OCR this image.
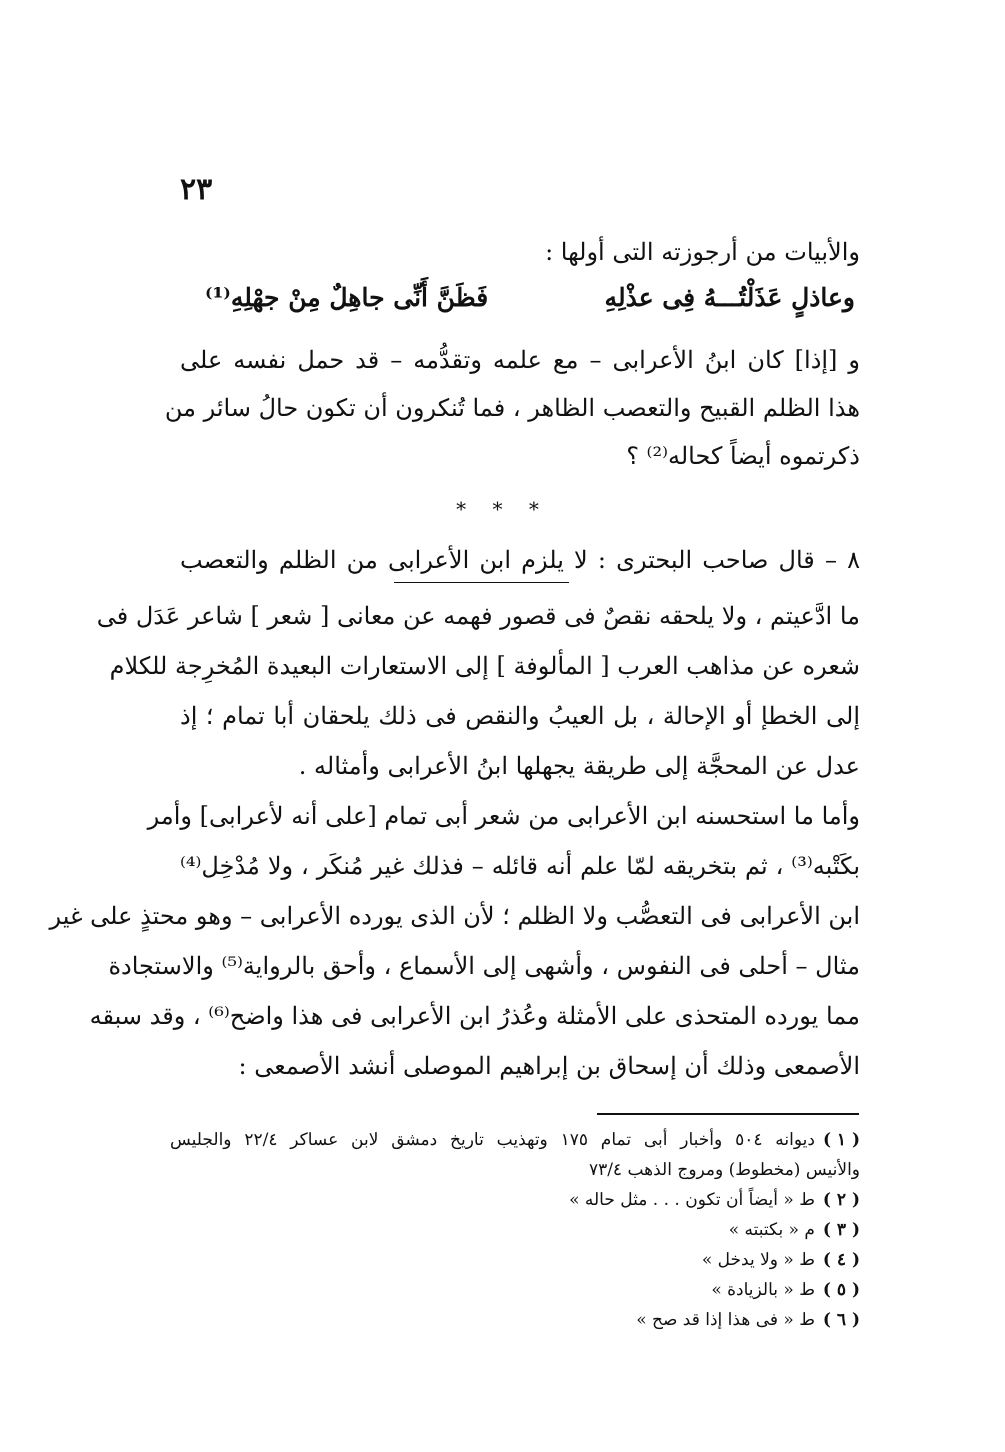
٢٣
والأبيات من أرجوزته التى أولها :
وعاذلٍ عَذَلْتُـــهُ فِى عذْلِهِ
فَظَنَّ أَنِّى جاهِلٌ مِنْ جهْلِهِ⁽¹⁾
و [إذا] كان ابنُ الأعرابى – مع علمه وتقدُّمه – قد حمل نفسه على
هذا الظلم القبيح والتعصب الظاهر ، فما تُنكرون أن تكون حالُ سائر من
ذكرتموه أيضاً كحاله⁽²⁾ ؟
* * *
٨ – قال صاحب البحترى : لا يلزم ابن الأعرابى من الظلم والتعصب
ما ادَّعيتم ، ولا يلحقه نقصٌ فى قصور فهمه عن معانى [ شعر ] شاعر عَدَل فى
شعره عن مذاهب العرب [ المألوفة ] إلى الاستعارات البعيدة المُخرِجة للكلام
إلى الخطإ أو الإحالة ، بل العيبُ والنقص فى ذلك يلحقان أبا تمام ؛ إذ
عدل عن المحجَّة إلى طريقة يجهلها ابنُ الأعرابى وأمثاله .
وأما ما استحسنه ابن الأعرابى من شعر أبى تمام [على أنه لأعرابى] وأمر
بكَتْبه⁽³⁾ ، ثم بتخريقه لمّا علم أنه قائله – فذلك غير مُنكَر ، ولا مُدْخِل⁽⁴⁾
ابن الأعرابى فى التعصُّب ولا الظلم ؛ لأن الذى يورده الأعرابى – وهو محتذٍ على غير
مثال – أحلى فى النفوس ، وأشهى إلى الأسماع ، وأحق بالرواية⁽⁵⁾ والاستجادة
مما يورده المتحذى على الأمثلة وعُذرُ ابن الأعرابى فى هذا واضح⁽⁶⁾ ، وقد سبقه
الأصمعى وذلك أن إسحاق بن إبراهيم الموصلى أنشد الأصمعى :
( ١ )ديوانه ٥٠٤ وأخبار أبى تمام ١٧٥ وتهذيب تاريخ دمشق لابن عساكر ٢٢/٤ والجليس
والأنيس (مخطوط) ومروج الذهب ٧٣/٤
( ٢ )ط « أيضاً أن تكون . . . مثل حاله »
( ٣ )م « بكتبته »
( ٤ )ط « ولا يدخل »
( ٥ )ط « بالزيادة »
( ٦ )ط « فى هذا إذا قد صح »
